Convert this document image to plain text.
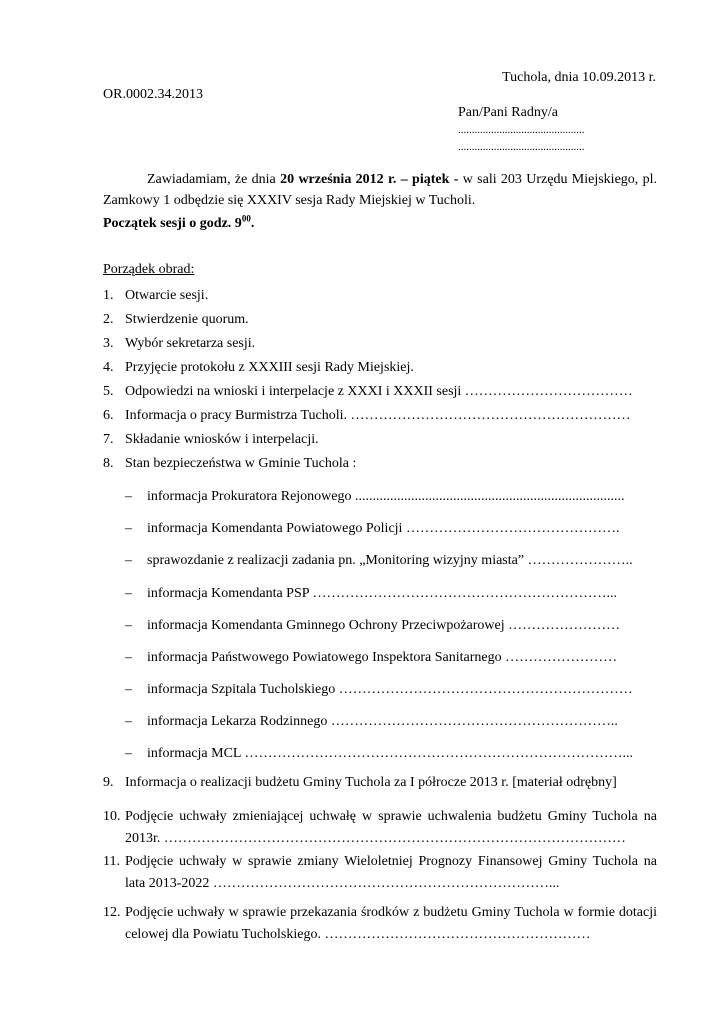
Tuchola, dnia 10.09.2013 r.
OR.0002.34.2013
Pan/Pani Radny/a
..............................................
..............................................
Zawiadamiam, że dnia 20 września 2012 r. – piątek - w sali 203 Urzędu Miejskiego, pl. Zamkowy 1 odbędzie się XXXIV sesja Rady Miejskiej w Tucholi.
Początek sesji o godz. $9^{00}$.
Porządek obrad:
1. Otwarcie sesji.
2. Stwierdzenie quorum.
3. Wybór sekretarza sesji.
4. Przyjęcie protokołu z XXXIII sesji Rady Miejskiej.
5. Odpowiedzi na wnioski i interpelacje z XXXI i XXXII sesji ………………………………
6. Informacja o pracy Burmistrza Tucholi. ……………………………………………………
7. Składanie wniosków i interpelacji.
8. Stan bezpieczeństwa w Gminie Tuchola :
– informacja Prokuratora Rejonowego .............................................................................
– informacja Komendanta Powiatowego Policji ……………………………………….
– sprawozdanie z realizacji zadania pn. „Monitoring wizyjny miasta” …………………..
– informacja Komendanta PSP ………………………………………………………...
– informacja Komendanta Gminnego Ochrony Przeciwpożarowej ……………………
– informacja Państwowego Powiatowego Inspektora Sanitarnego ……………………
– informacja Szpitala Tucholskiego ………………………………………………………
– informacja Lekarza Rodzinnego ……………………………………………………..
– informacja MCL ………………………………………………………………………...
9. Informacja o realizacji budżetu Gminy Tuchola za I półrocze 2013 r. [materiał odrębny]
10. Podjęcie uchwały zmieniającej uchwałę w sprawie uchwalenia budżetu Gminy Tuchola na 2013r. ………………………………………………………………………………………
11. Podjęcie uchwały w sprawie zmiany Wieloletniej Prognozy Finansowej Gminy Tuchola na lata 2013-2022 ………………………………………………………………...
12. Podjęcie uchwały w sprawie przekazania środków z budżetu Gminy Tuchola w formie dotacji celowej dla Powiatu Tucholskiego. …………………………………………………
